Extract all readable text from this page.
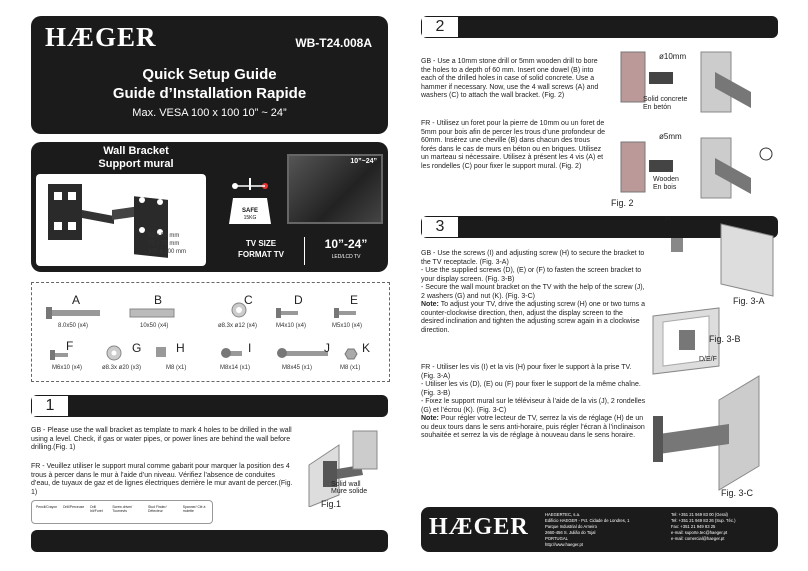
HÆGER	WB-T24.008A
Quick Setup Guide
Guide d’Installation Rapide
Max. VESA 100 x 100 10” ~ 24”
Wall Bracket
Support mural
50 x 50 mm
75 x 75 mm
100 x 100 mm
SAFE
15KG
10”~24”
TV SIZE
FORMAT TV
10”-24”
LED/LCD TV
A
8.0x50 (x4)
B
10x50 (x4)
C
ø8.3x ø12 (x4)
D
M4x10 (x4)
E
M5x10 (x4)
F
M6x10 (x4)
G
ø8.3x ø20 (x3)
H
M8 (x1)
I
M8x14 (x1)
J
M8x45 (x1)
K
M8 (x1)
1
GB - Please use the wall bracket as template to mark 4 holes to be drilled in the wall using a level. Check, if gas or water pipes, or power lines are behind the wall before drilling.(Fig. 1)
FR - Veuillez utiliser le support mural comme gabarit pour marquer la position des 4 trous à percer dans le mur à l’aide d’un niveau. Vérifiez l’absence de conduites d’eau, de tuyaux de gaz et de lignes électriques derrière le mur avant de percer.(Fig. 1)
Solid wall
Mure solide
Fig.1
Pencil/Crayon Drill/Perceuse Drill bit/Foret
Screw driver/ Tournevis
Stud Finder/ Détecteur
Spanner/ Clé à molette
2
GB - Use a 10mm stone drill or 5mm wooden drill to bore the holes to a depth of 60 mm. Insert one dowel (B) into each of the drilled holes in case of solid concrete. Use a hammer if necessary. Now, use the 4 wall screws (A) and washers (C) to attach the wall bracket. (Fig. 2)
FR - Utilisez un foret pour la pierre de 10mm ou un foret de 5mm pour bois afin de percer les trous d’une profondeur de 60mm. Insérez une cheville (B) dans chacun des trous forés dans le cas de murs en béton ou en briques. Utilisez un marteau si nécessaire. Utilisez à présent les 4 vis (A) et les rondelles (C) pour fixer le support mural. (Fig. 2)
ø10mm
Solid concrete
En betón
ø5mm
Wooden
En bois
Fig. 2
3
GB - Use the screws (I) and adjusting screw (H) to secure the bracket to the TV receptacle. (Fig. 3-A)
- Use the supplied screws (D), (E) or (F) to fasten the screen bracket to your display screen. (Fig. 3-B)
- Secure the wall mount bracket on the TV with the help of the screw (J), 2 washers (G) and nut (K). (Fig. 3-C)
Note: To adjust your TV, drive the adjusting screw (H) one or two turns a counter-clockwise direction, then, adjust the display screen to the desired inclination and tighten the adjusting screw again in a clockwise direction.
FR - Utiliser les vis (I) et la vis (H) pour fixer le support à la prise TV. (Fig. 3-A)
- Utiliser les vis (D), (E) ou (F) pour fixer le support de la même chaîne. (Fig. 3-B)
- Fixez le support mural sur le téléviseur à l’aide de la vis (J), 2 rondelles (G) et l’écrou (K). (Fig. 3-C)
Note: Pour régler votre lecteur de TV, serrez la vis de réglage (H) de un ou deux tours dans le sens anti-horaire, puis régler l’écran à l’inclinaison souhaitée et serrez la vis de réglage à nouveau dans le sens horaire.
H
Fig. 3-A
Fig. 3-B
D/E/F
Fig. 3-C
HÆGER	HAEGERTEC, s.a.
Edificio HAEGER - Pct. Cidade de Londres, 1
Parque Industrial do Arneiro
2660-456 S. Julião do Tojal
PORTUGAL
http://www.haeger.pt
Tel: +351 21 949 83 00 (Geral)
Tel: +351 21 949 83 26 (Sup. Téc.)
Fax: +351 21 949 83 25
e-mail: suporte.tec@haeger.pt
e-mail: comercial@haeger.pt
